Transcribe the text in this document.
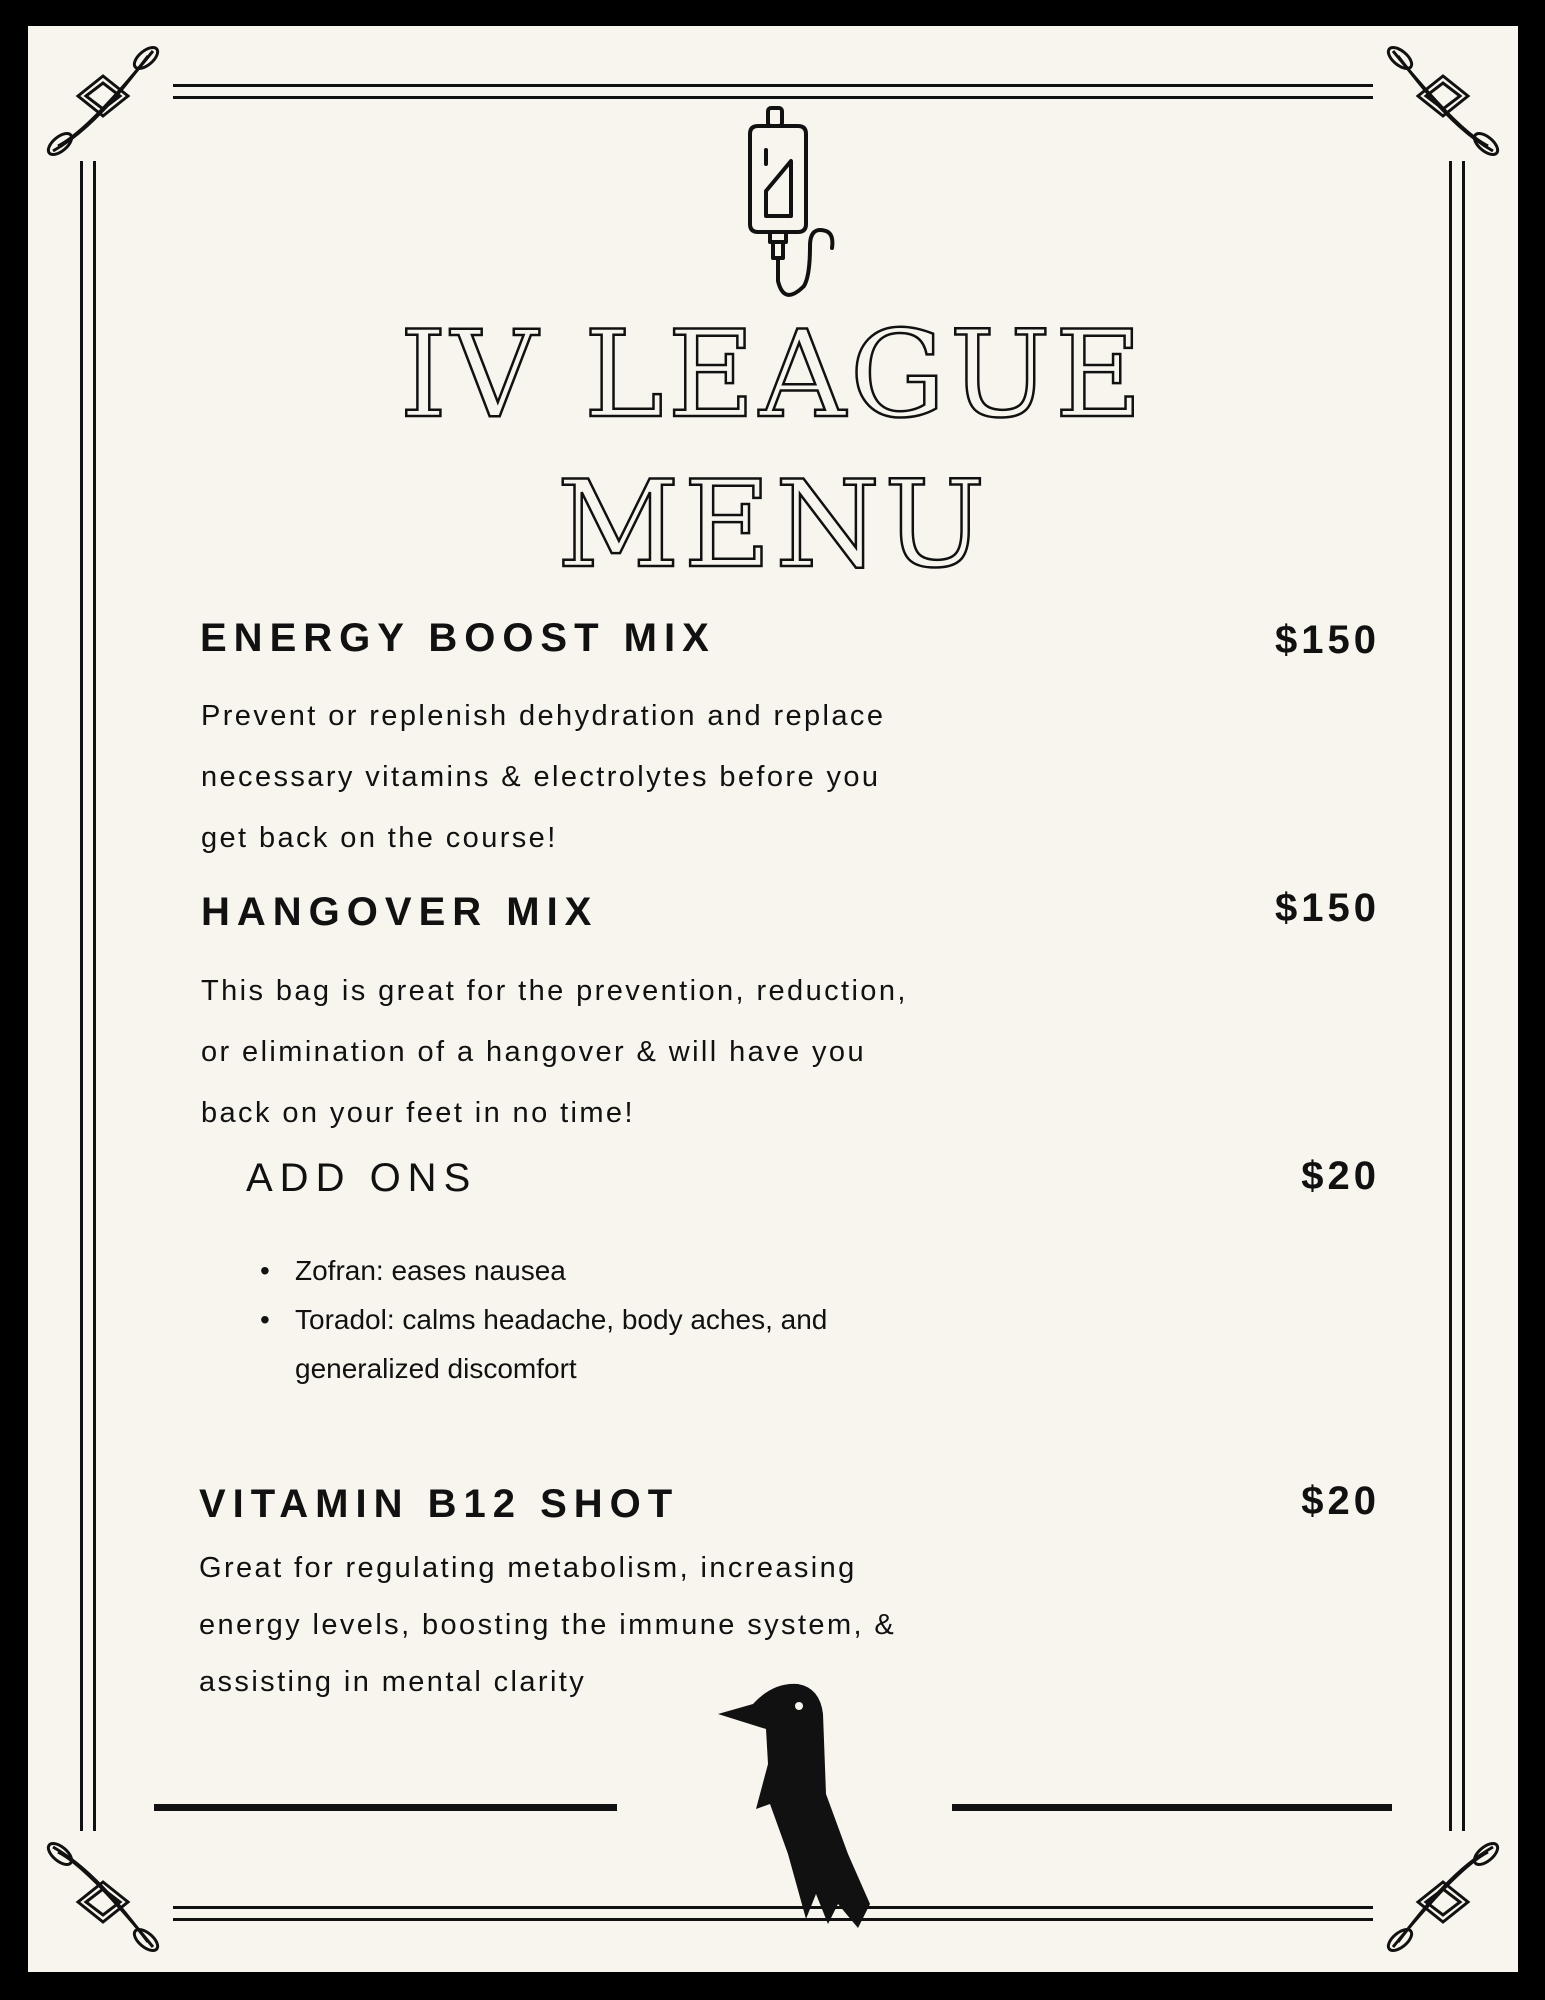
IV LEAGUE
MENU
ENERGY BOOST MIX	$150
Prevent or replenish dehydration and replace
necessary vitamins & electrolytes before you
get back on the course!
HANGOVER MIX	$150
This bag is great for the prevention, reduction,
or elimination of a hangover & will have you
back on your feet in no time!
ADD ONS	$20
• Zofran: eases nausea
• Toradol: calms headache, body aches, and generalized discomfort
VITAMIN B12 SHOT	$20
Great for regulating metabolism, increasing
energy levels, boosting the immune system, &
assisting in mental clarity
